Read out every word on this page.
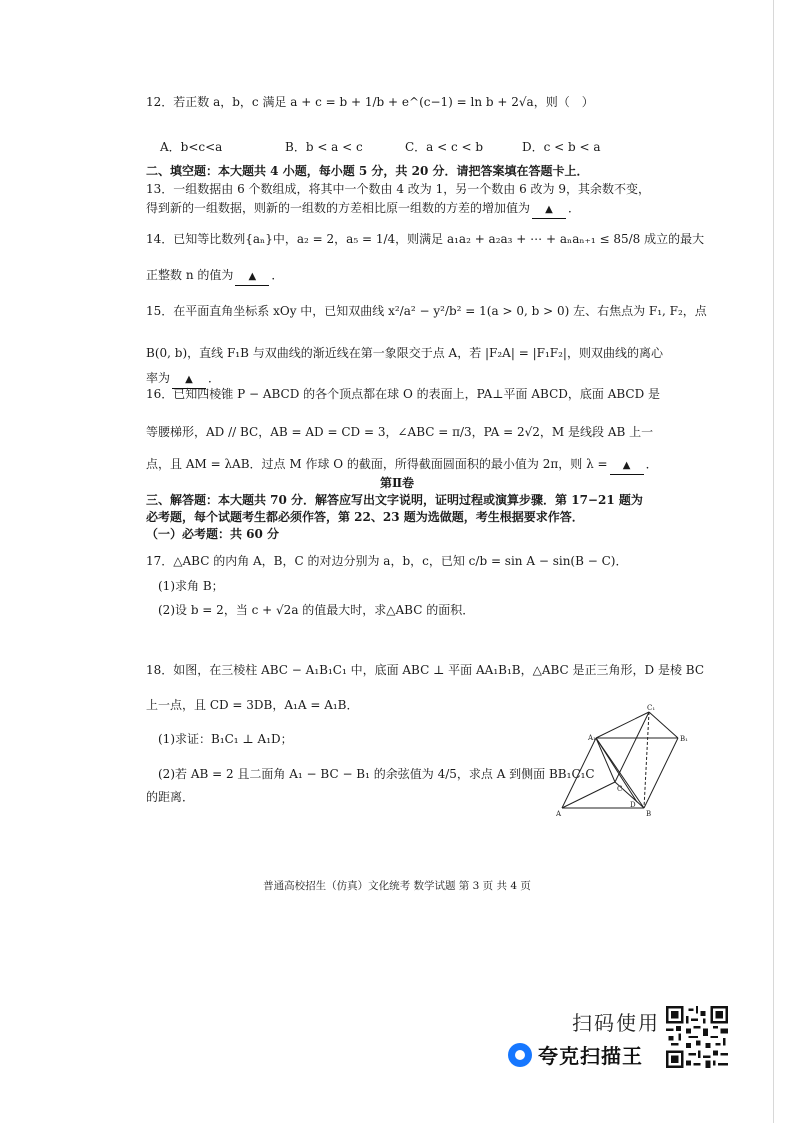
12．若正数 a，b，c 满足 a + c = b + 1/b + e^(c−1) = ln b + 2√a，则（　）
A．b<c<a	B．b < a < c	C．a < c < b	D．c < b < a
二、填空题：本大题共 4 小题，每小题 5 分，共 20 分．请把答案填在答题卡上．
13．一组数据由 6 个数组成，将其中一个数由 4 改为 1，另一个数由 6 改为 9，其余数不变，
得到新的一组数据，则新的一组数的方差相比原一组数的方差的增加值为 ▲ ．
14．已知等比数列{aₙ}中，a₂ = 2，a₅ = 1/4，则满足 a₁a₂ + a₂a₃ + ⋯ + aₙaₙ₊₁ ≤ 85/8 成立的最大
正整数 n 的值为 ▲ ．
15．在平面直角坐标系 xOy 中，已知双曲线 x²/a² − y²/b² = 1(a > 0, b > 0) 左、右焦点为 F₁, F₂，点
B(0, b)，直线 F₁B 与双曲线的渐近线在第一象限交于点 A，若 |F₂A| = |F₁F₂|，则双曲线的离心
率为 ▲ ．
16．已知四棱锥 P − ABCD 的各个顶点都在球 O 的表面上，PA⊥平面 ABCD，底面 ABCD 是
等腰梯形，AD // BC，AB = AD = CD = 3，∠ABC = π/3，PA = 2√2，M 是线段 AB 上一
点，且 AM = λAB．过点 M 作球 O 的截面，所得截面圆面积的最小值为 2π，则 λ = ▲ ．
第Ⅱ卷
三、解答题：本大题共 70 分．解答应写出文字说明，证明过程或演算步骤．第 17−21 题为
必考题，每个试题考生都必须作答，第 22、23 题为选做题，考生根据要求作答．
（一）必考题：共 60 分
17．△ABC 的内角 A，B，C 的对边分别为 a，b，c，已知 c/b = sin A − sin(B − C)．
(1)求角 B；
(2)设 b = 2，当 c + √2a 的值最大时，求△ABC 的面积．
18．如图，在三棱柱 ABC − A₁B₁C₁ 中，底面 ABC ⊥ 平面 AA₁B₁B，△ABC 是正三角形，D 是棱 BC
上一点，且 CD = 3DB，A₁A = A₁B．
(1)求证：B₁C₁ ⊥ A₁D；
(2)若 AB = 2 且二面角 A₁ − BC − B₁ 的余弦值为 4/5，求点 A 到侧面 BB₁C₁C
的距离．
A	B
C
D
A₁	B₁
C₁
普通高校招生（仿真）文化统考 数学试题 第 3 页 共 4 页
扫码使用
夸克扫描王
